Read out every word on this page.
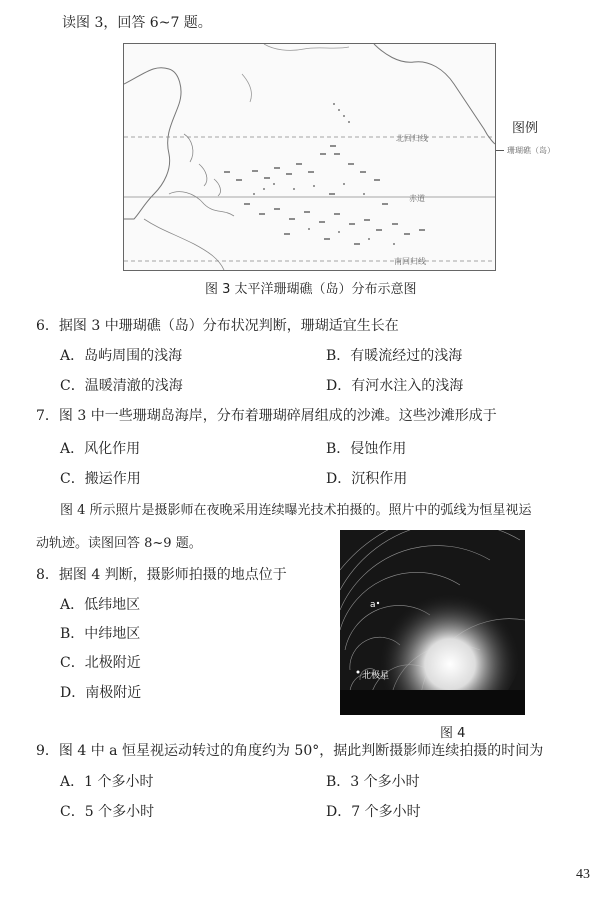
读图 3，回答 6~7 题。
北回归线
赤道
南回归线
图例
珊瑚礁（岛）
图 3 太平洋珊瑚礁（岛）分布示意图
6．据图 3 中珊瑚礁（岛）分布状况判断，珊瑚适宜生长在
A．岛屿周围的浅海	B．有暖流经过的浅海
C．温暖清澈的浅海	D．有河水注入的浅海
7．图 3 中一些珊瑚岛海岸，分布着珊瑚碎屑组成的沙滩。这些沙滩形成于
A．风化作用	B．侵蚀作用
C．搬运作用	D．沉积作用
图 4 所示照片是摄影师在夜晚采用连续曝光技术拍摄的。照片中的弧线为恒星视运
动轨迹。读图回答 8~9 题。
a
北极星
图 4
8．据图 4 判断，摄影师拍摄的地点位于
A．低纬地区
B．中纬地区
C．北极附近
D．南极附近
9．图 4 中 a 恒星视运动转过的角度约为 50°，据此判断摄影师连续拍摄的时间为
A．1 个多小时	B．3 个多小时
C．5 个多小时	D．7 个多小时
43
